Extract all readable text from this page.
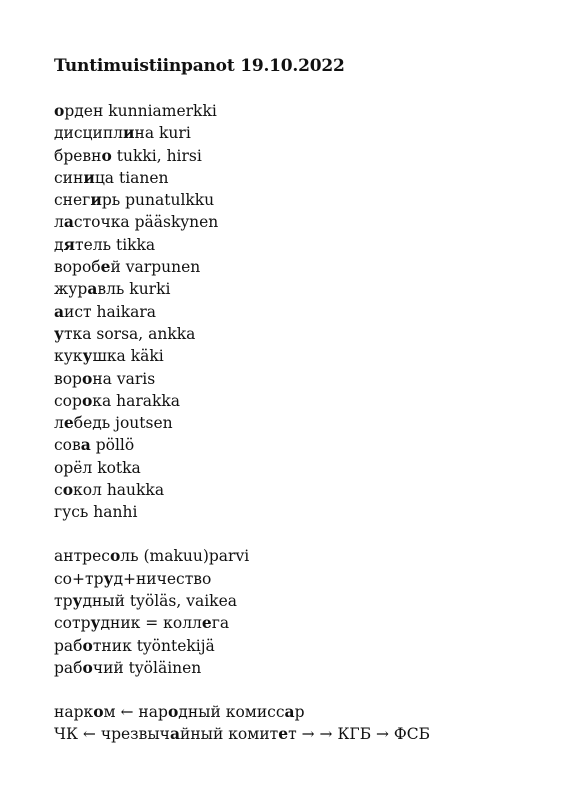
Tuntimuistiinpanot 19.10.2022
орден kunniamerkki
дисциплина kuri
бревно tukki, hirsi
синица tianen
снегирь punatulkku
ласточка pääskynen
дятель tikka
воробей varpunen
журавль kurki
аист haikara
утка sorsa, ankka
кукушка käki
ворона varis
сорока harakka
лебедь joutsen
сова pöllö
орёл kotka
сокол haukka
гусь hanhi
антресоль (makuu)parvi
со+труд+ничество
трудный työläs, vaikea
сотрудник = коллега
работник työntekijä
рабочий työläinen
нарком ← народный комиссар
ЧК ← чрезвычайный комитет → → КГБ → ФСБ
